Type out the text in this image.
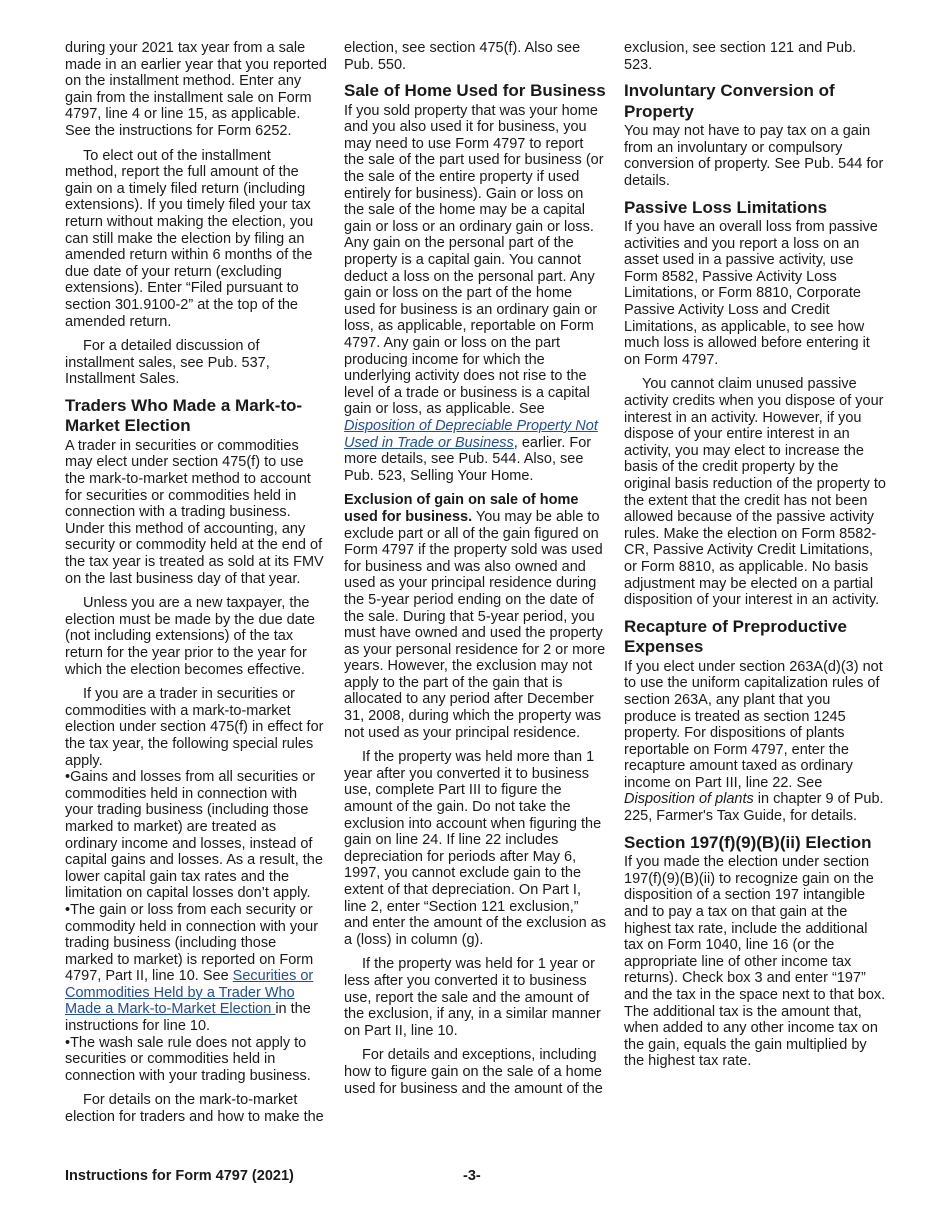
during your 2021 tax year from a sale made in an earlier year that you reported on the installment method. Enter any gain from the installment sale on Form 4797, line 4 or line 15, as applicable. See the instructions for Form 6252.

To elect out of the installment method, report the full amount of the gain on a timely filed return (including extensions). If you timely filed your tax return without making the election, you can still make the election by filing an amended return within 6 months of the due date of your return (excluding extensions). Enter “Filed pursuant to section 301.9100-2” at the top of the amended return.

For a detailed discussion of installment sales, see Pub. 537, Installment Sales.

Traders Who Made a Mark-to-Market Election

A trader in securities or commodities may elect under section 475(f) to use the mark-to-market method to account for securities or commodities held in connection with a trading business. Under this method of accounting, any security or commodity held at the end of the tax year is treated as sold at its FMV on the last business day of that year.

Unless you are a new taxpayer, the election must be made by the due date (not including extensions) of the tax return for the year prior to the year for which the election becomes effective.

If you are a trader in securities or commodities with a mark-to-market election under section 475(f) in effect for the tax year, the following special rules apply.

• Gains and losses from all securities or commodities held in connection with your trading business (including those marked to market) are treated as ordinary income and losses, instead of capital gains and losses. As a result, the lower capital gain tax rates and the limitation on capital losses don’t apply.

• The gain or loss from each security or commodity held in connection with your trading business (including those marked to market) is reported on Form 4797, Part II, line 10. See Securities or Commodities Held by a Trader Who Made a Mark-to-Market Election in the instructions for line 10.

• The wash sale rule does not apply to securities or commodities held in connection with your trading business.

For details on the mark-to-market election for traders and how to make the

election, see section 475(f). Also see Pub. 550.

Sale of Home Used for Business

If you sold property that was your home and you also used it for business, you may need to use Form 4797 to report the sale of the part used for business (or the sale of the entire property if used entirely for business). Gain or loss on the sale of the home may be a capital gain or loss or an ordinary gain or loss. Any gain on the personal part of the property is a capital gain. You cannot deduct a loss on the personal part. Any gain or loss on the part of the home used for business is an ordinary gain or loss, as applicable, reportable on Form 4797. Any gain or loss on the part producing income for which the underlying activity does not rise to the level of a trade or business is a capital gain or loss, as applicable. See Disposition of Depreciable Property Not Used in Trade or Business, earlier. For more details, see Pub. 544. Also, see Pub. 523, Selling Your Home.

Exclusion of gain on sale of home used for business. You may be able to exclude part or all of the gain figured on Form 4797 if the property sold was used for business and was also owned and used as your principal residence during the 5-year period ending on the date of the sale. During that 5-year period, you must have owned and used the property as your personal residence for 2 or more years. However, the exclusion may not apply to the part of the gain that is allocated to any period after December 31, 2008, during which the property was not used as your principal residence.

If the property was held more than 1 year after you converted it to business use, complete Part III to figure the amount of the gain. Do not take the exclusion into account when figuring the gain on line 24. If line 22 includes depreciation for periods after May 6, 1997, you cannot exclude gain to the extent of that depreciation. On Part I, line 2, enter “Section 121 exclusion,” and enter the amount of the exclusion as a (loss) in column (g).

If the property was held for 1 year or less after you converted it to business use, report the sale and the amount of the exclusion, if any, in a similar manner on Part II, line 10.

For details and exceptions, including how to figure gain on the sale of a home used for business and the amount of the

exclusion, see section 121 and Pub. 523.

Involuntary Conversion of Property

You may not have to pay tax on a gain from an involuntary or compulsory conversion of property. See Pub. 544 for details.

Passive Loss Limitations

If you have an overall loss from passive activities and you report a loss on an asset used in a passive activity, use Form 8582, Passive Activity Loss Limitations, or Form 8810, Corporate Passive Activity Loss and Credit Limitations, as applicable, to see how much loss is allowed before entering it on Form 4797.

You cannot claim unused passive activity credits when you dispose of your interest in an activity. However, if you dispose of your entire interest in an activity, you may elect to increase the basis of the credit property by the original basis reduction of the property to the extent that the credit has not been allowed because of the passive activity rules. Make the election on Form 8582-CR, Passive Activity Credit Limitations, or Form 8810, as applicable. No basis adjustment may be elected on a partial disposition of your interest in an activity.

Recapture of Preproductive Expenses

If you elect under section 263A(d)(3) not to use the uniform capitalization rules of section 263A, any plant that you produce is treated as section 1245 property. For dispositions of plants reportable on Form 4797, enter the recapture amount taxed as ordinary income on Part III, line 22. See Disposition of plants in chapter 9 of Pub. 225, Farmer's Tax Guide, for details.

Section 197(f)(9)(B)(ii) Election

If you made the election under section 197(f)(9)(B)(ii) to recognize gain on the disposition of a section 197 intangible and to pay a tax on that gain at the highest tax rate, include the additional tax on Form 1040, line 16 (or the appropriate line of other income tax returns). Check box 3 and enter “197” and the tax in the space next to that box. The additional tax is the amount that, when added to any other income tax on the gain, equals the gain multiplied by the highest tax rate.

Instructions for Form 4797 (2021)	-3-
